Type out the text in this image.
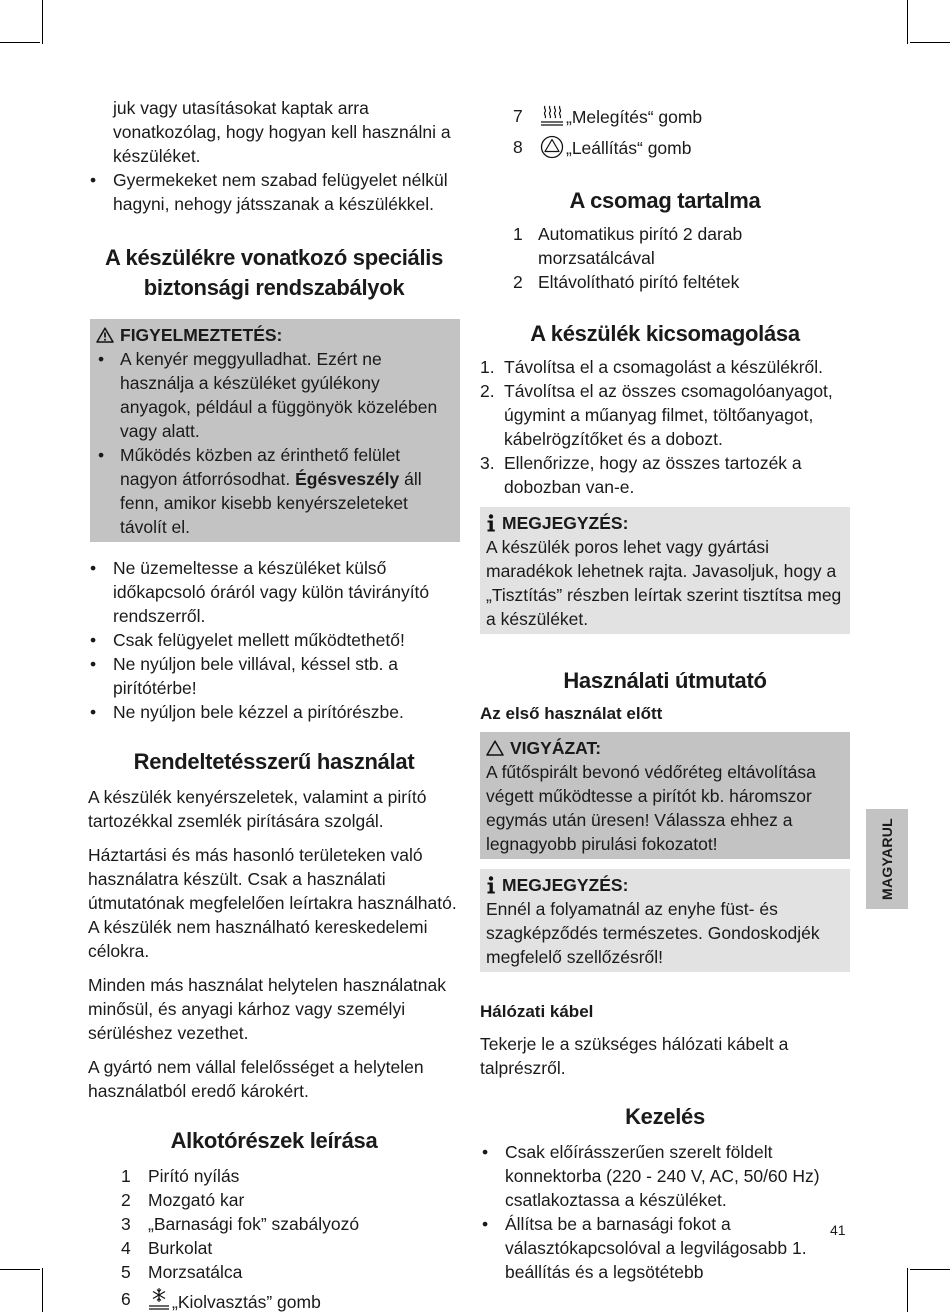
juk vagy utasításokat kaptak arra vonatkozólag, hogy hogyan kell használni a készüléket.

• Gyermekeket nem szabad felügyelet nélkül hagyni, nehogy játsszanak a készülékkel.
A készülékre vonatkozó speciális
biztonsági rendszabályok
FIGYELMEZTETÉS:
• A kenyér meggyulladhat. Ezért ne használja a készüléket gyúlékony anyagok, például a függönyök közelében vagy alatt.
• Működés közben az érinthető felület nagyon átforrósodhat. Égésveszély áll fenn, amikor kisebb kenyérszeleteket távolít el.
• Ne üzemeltesse a készüléket külső időkapcsoló óráról vagy külön távirányító rendszerről.
• Csak felügyelet mellett működtethető!
• Ne nyúljon bele villával, késsel stb. a pirítótérbe!
• Ne nyúljon bele kézzel a pirítórészbe.
Rendeltetésszerű használat

A készülék kenyérszeletek, valamint a pirító tartozékkal zsemlék pirítására szolgál.

Háztartási és más hasonló területeken való használatra készült. Csak a használati útmutatónak megfelelően leírtakra használható. A készülék nem használható kereskedelemi célokra.

Minden más használat helytelen használatnak minősül, és anyagi kárhoz vagy személyi sérüléshez vezethet.

A gyártó nem vállal felelősséget a helytelen használatból eredő károkért.

Alkotórészek leírása
1 Pirító nyílás
2 Mozgató kar
3 „Barnasági fok” szabályozó
4 Burkolat
5 Morzsatálca
6 „Kiolvasztás” gomb
7 „Melegítés“ gomb
8 „Leállítás“ gomb
A csomag tartalma
1 Automatikus pirító 2 darab morzsatálcával
2 Eltávolítható pirító feltétek
A készülék kicsomagolása
1. Távolítsa el a csomagolást a készülékről.
2. Távolítsa el az összes csomagolóanyagot, úgymint a műanyag filmet, töltőanyagot, kábelrögzítőket és a dobozt.
3. Ellenőrizze, hogy az összes tartozék a dobozban van-e.
MEGJEGYZÉS:

A készülék poros lehet vagy gyártási maradékok lehetnek rajta. Javasoljuk, hogy a „Tisztítás” részben leírtak szerint tisztítsa meg a készüléket.

Használati útmutató
Az első használat előtt
VIGYÁZAT:

A fűtőspirált bevonó védőréteg eltávolítása végett működtesse a pirítót kb. háromszor egymás után üresen! Válassza ehhez a legnagyobb pirulási fokozatot!

MEGJEGYZÉS:

Ennél a folyamatnál az enyhe füst- és szagképződés természetes. Gondoskodjék megfelelő szellőzésről!

Hálózati kábel

Tekerje le a szükséges hálózati kábelt a talprészről.

Kezelés
• Csak előírásszerűen szerelt földelt konnektorba (220 - 240 V, AC, 50/60 Hz) csatlakoztassa a készüléket.
• Állítsa be a barnasági fokot a választókapcsolóval a legvilágosabb 1. beállítás és a legsötétebb
MAGYARUL
41
